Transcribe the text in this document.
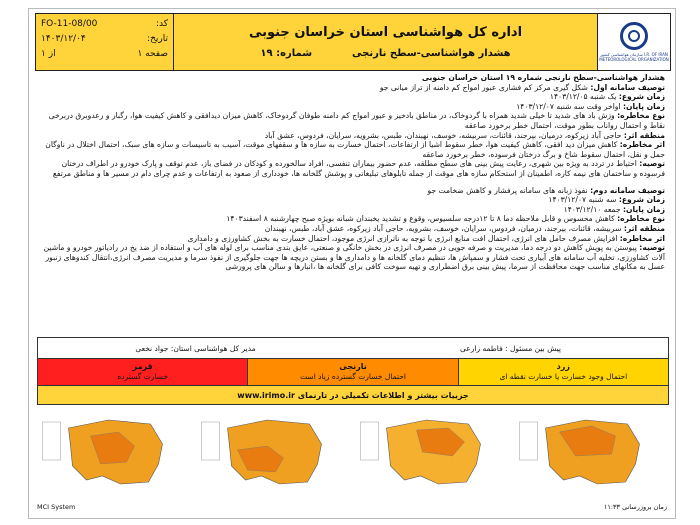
کد:
FO-11-08/00
تاریخ:
۱۴۰۳/۱۲/۰۴
صفحه ۱
از ۱
اداره کل هواشناسی استان خراسان جنوبی
هشدار هواشناسی-سطح نارنجی
شماره: ۱۹	سازمان هواشناسی کشور I.R. OF IRAN METEOROLOGICAL ORGANIZATION

هشدار هواشناسی-سطح نارنجی شماره ۱۹ استان خراسان جنوبی

توصیف سامانه اول: شکل گیری مرکز کم فشاری عبور امواج کم دامنه از تراز میانی جو

زمان شروع: یک شنبه ۱۴۰۳/۱۲/۰۵

زمان پایان: اواخر وقت سه شنبه ۱۴۰۳/۱۲/۰۷

نوع مخاطره: وزش باد های شدید تا خیلی شدید همراه با گردوخاک، در مناطق بادخیز و عبور امواج کم دامنه طوفان گردوخاک، کاهش میزان دیدافقی و کاهش کیفیت هوا، رگبار و رعدوبرق دربرخی نقاط و احتمال رواناب بطور موقت، احتمال خطر برخورد صاعقه

منطقه اثر: حاجی آباد زیرکوه، درمیان، بیرجند، قائنات، سربیشه، خوسف، نهبندان، طبس، بشرویه، سرایان، فردوس، عشق آباد

اثر مخاطره: کاهش میزان دید افقی، کاهش کیفیت هوا، خطر سقوط اشیا از ارتفاعات، احتمال خسارت به سازه ها و سقفهای موقت، آسیب به تاسیسات و سازه های سبک، احتمال اختلال در ناوگان حمل و نقل، احتمال سقوط شاخ و برگ درختان فرسوده، خطر برخورد صاعقه

توصیه: احتیاط در تردد به ویژه بین شهری، رعایت پیش بینی های سطح مطلقه، عدم حضور بیماران تنفسی، افراد سالخورده و کودکان در فضای باز، عدم توقف و پارک خودرو در اطراف درختان فرسوده و ساختمان های نیمه کاره، اطمینان از استحکام سازه های موقت از جمله تابلوهای تبلیغاتی و پوشش گلخانه ها، خودداری از صعود به ارتفاعات و عدم چرای دام در مسیر ها و مناطق مرتفع

توصیف سامانه دوم: نفوذ زبانه های سامانه پرفشار و کاهش ضخامت جو

زمان شروع: سه شنبه ۱۴۰۳/۱۲/۰۷

زمان پایان: جمعه ۱۴۰۳/۱۲/۱۰

نوع مخاطره: کاهش محسوس و قابل ملاحظه دما ۸ تا ۱۲درجه سلسیوس، وقوع و تشدید یخبندان شبانه بویژه صبح چهارشنبه ۸ اسفند۱۴۰۳

منطقه اثر: سربیشه، قائنات، بیرجند، درمیان، فردوس، سرایان، خوسف، بشرویه، حاجی آباد زیرکوه، عشق آباد، طبس، نهبندان

اثر مخاطره: افزایش مصرف حامل های انرژی، احتمال افت منابع انرژی با توجه به ناترازی انرژی موجود، احتمال خسارت به بخش کشاورزی و دامداری

توصیه: پیوستن به پویش کاهش دو درجه دما، مدیریت و صرفه جویی در مصرف انرژی در بخش خانگی و صنعتی، عایق بندی مناسب برای لوله های آب و استفاده از ضد یخ در رادیاتور خودرو و ماشین آلات کشاورزی، تخلیه آب سامانه های آبیاری تحت فشار و سمپاش ها، تنظیم دمای گلخانه ها و دامداری ها و بستن دریچه ها جهت جلوگیری از نفوذ سرما و مدیریت مصرف انرژی،انتقال کندوهای زنبور عسل به مکانهای مناسب جهت محافظت از سرما، پیش بینی برق اضطراری و تهیه سوخت کافی برای گلخانه ها ،انبارها و سالن های پرورشی

پیش بین مسئول : فاطمه زارعی
مدیر کل هواشناسی استان: جواد نخعی
زرد
احتمال وجود خسارت یا خسارت نقطه ای
نارنجی
احتمال خسارت گسترده زیاد است
قرمز
خسارت گسترده
جزییات بیشتر و اطلاعات تکمیلی در تارنمای www.irimo.ir
MCI System	زمان بروزرسانی ۱۱:۳۳
